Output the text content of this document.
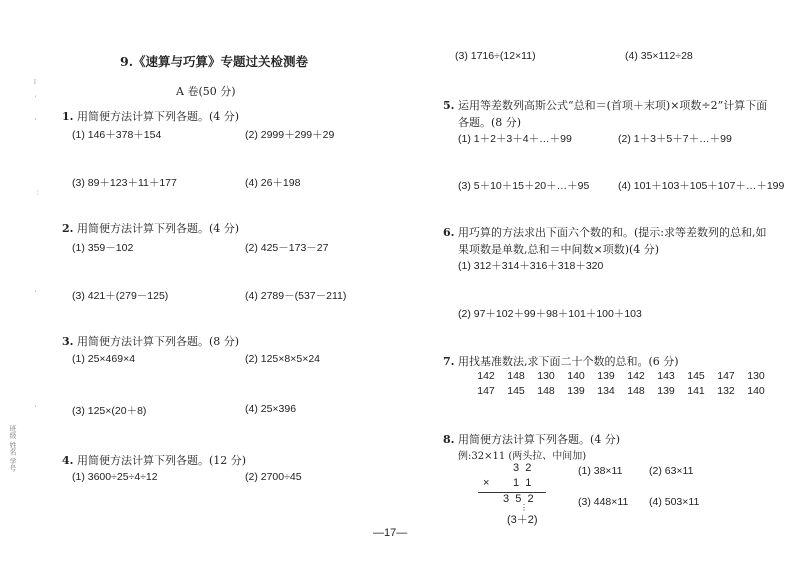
ー
·
·
：
·
·
班级 姓名 学号
9.《速算与巧算》专题过关检测卷
A 卷(50 分)
1. 用简便方法计算下列各题。(4 分)
(1) 146＋378＋154	(2) 2999＋299＋29
(3) 89＋123＋11＋177	(4) 26＋198
2. 用简便方法计算下列各题。(4 分)
(1) 359－102	(2) 425－173－27
(3) 421＋(279－125)	(4) 2789－(537－211)
3. 用简便方法计算下列各题。(8 分)
(1) 25×469×4	(2) 125×8×5×24
(3) 125×(20＋8)	(4) 25×396
4. 用简便方法计算下列各题。(12 分)
(1) 3600÷25÷4÷12	(2) 2700÷45
(3) 1716÷(12×11)	(4) 35×112÷28
5. 运用等差数列高斯公式“总和＝(首项＋末项)×项数÷2”计算下面
各题。(8 分)
(1) 1＋2＋3＋4＋…＋99	(2) 1＋3＋5＋7＋…＋99
(3) 5＋10＋15＋20＋…＋95	(4) 101＋103＋105＋107＋…＋199
6. 用巧算的方法求出下面六个数的和。(提示:求等差数列的总和,如
果项数是单数,总和＝中间数×项数)(4 分)
(1) 312＋314＋316＋318＋320
(2) 97＋102＋99＋98＋101＋100＋103
7. 用找基准数法,求下面二十个数的总和。(6 分)
142 148 130 140 139 142 143 145 147 130
147 145 148 139 134 148 139 141 132 140
8. 用简便方法计算下列各题。(4 分)
例:32×11 (两头拉、中间加)
3  2
× 1  1
3  5  2
⋮
(3＋2)
(1) 38×11	(2) 63×11
(3) 448×11 (4) 503×11
—17—
